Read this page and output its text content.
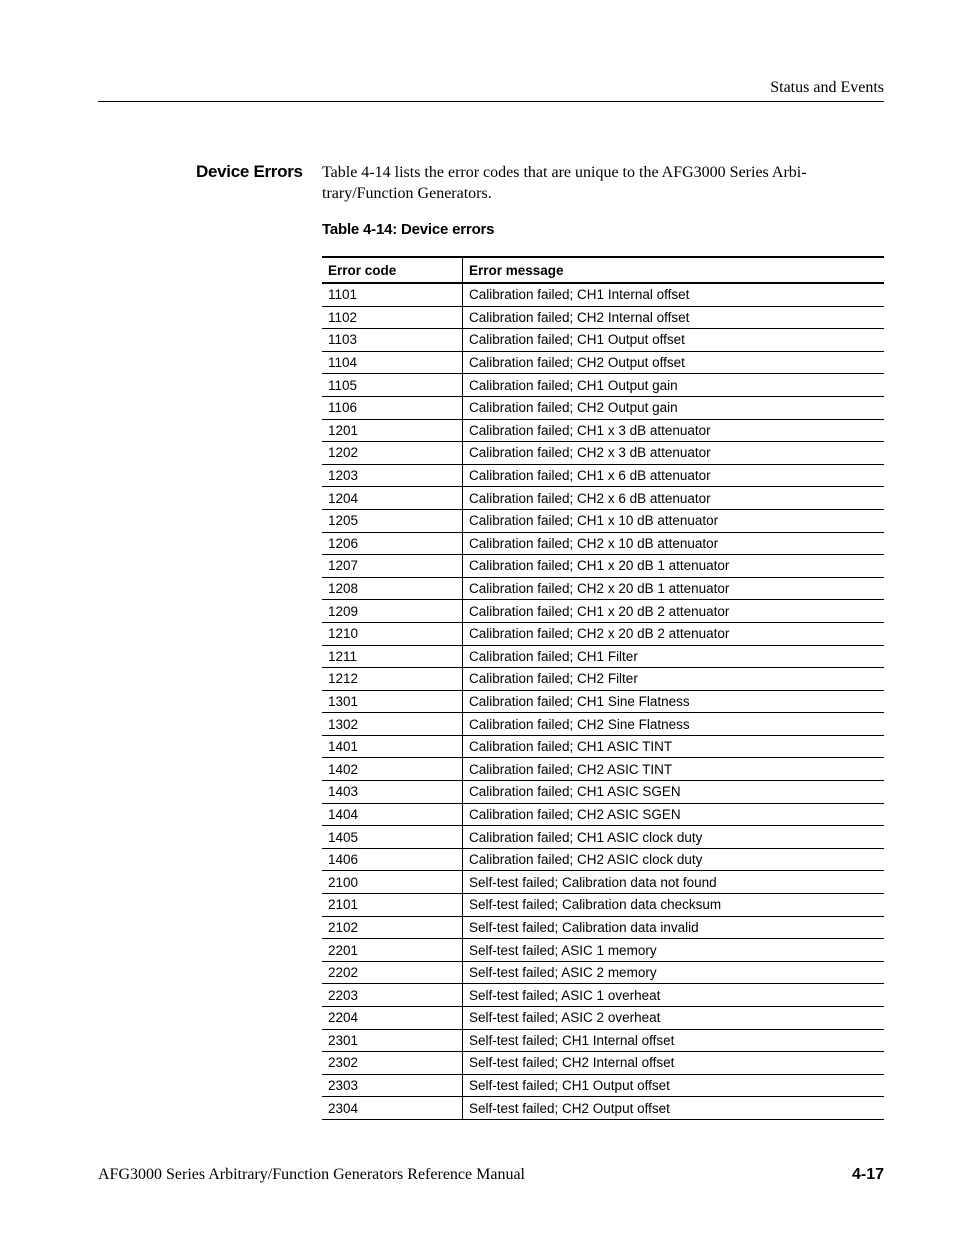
Status and Events
Device Errors Table 4-14 lists the error codes that are unique to the AFG3000 Series Arbi-trary/Function Generators.
Table 4-14: Device errors
Error code	Error message
1101	Calibration failed; CH1 Internal offset
1102	Calibration failed; CH2 Internal offset
1103	Calibration failed; CH1 Output offset
1104	Calibration failed; CH2 Output offset
1105	Calibration failed; CH1 Output gain
1106	Calibration failed; CH2 Output gain
1201	Calibration failed; CH1 x 3 dB attenuator
1202	Calibration failed; CH2 x 3 dB attenuator
1203	Calibration failed; CH1 x 6 dB attenuator
1204	Calibration failed; CH2 x 6 dB attenuator
1205	Calibration failed; CH1 x 10 dB attenuator
1206	Calibration failed; CH2 x 10 dB attenuator
1207	Calibration failed; CH1 x 20 dB 1 attenuator
1208	Calibration failed; CH2 x 20 dB 1 attenuator
1209	Calibration failed; CH1 x 20 dB 2 attenuator
1210	Calibration failed; CH2 x 20 dB 2 attenuator
1211	Calibration failed; CH1 Filter
1212	Calibration failed; CH2 Filter
1301	Calibration failed; CH1 Sine Flatness
1302	Calibration failed; CH2 Sine Flatness
1401	Calibration failed; CH1 ASIC TINT
1402	Calibration failed; CH2 ASIC TINT
1403	Calibration failed; CH1 ASIC SGEN
1404	Calibration failed; CH2 ASIC SGEN
1405	Calibration failed; CH1 ASIC clock duty
1406	Calibration failed; CH2 ASIC clock duty
2100	Self-test failed; Calibration data not found
2101	Self-test failed; Calibration data checksum
2102	Self-test failed; Calibration data invalid
2201	Self-test failed; ASIC 1 memory
2202	Self-test failed; ASIC 2 memory
2203	Self-test failed; ASIC 1 overheat
2204	Self-test failed; ASIC 2 overheat
2301	Self-test failed; CH1 Internal offset
2302	Self-test failed; CH2 Internal offset
2303	Self-test failed; CH1 Output offset
2304	Self-test failed; CH2 Output offset
AFG3000 Series Arbitrary/Function Generators Reference Manual	4-17
